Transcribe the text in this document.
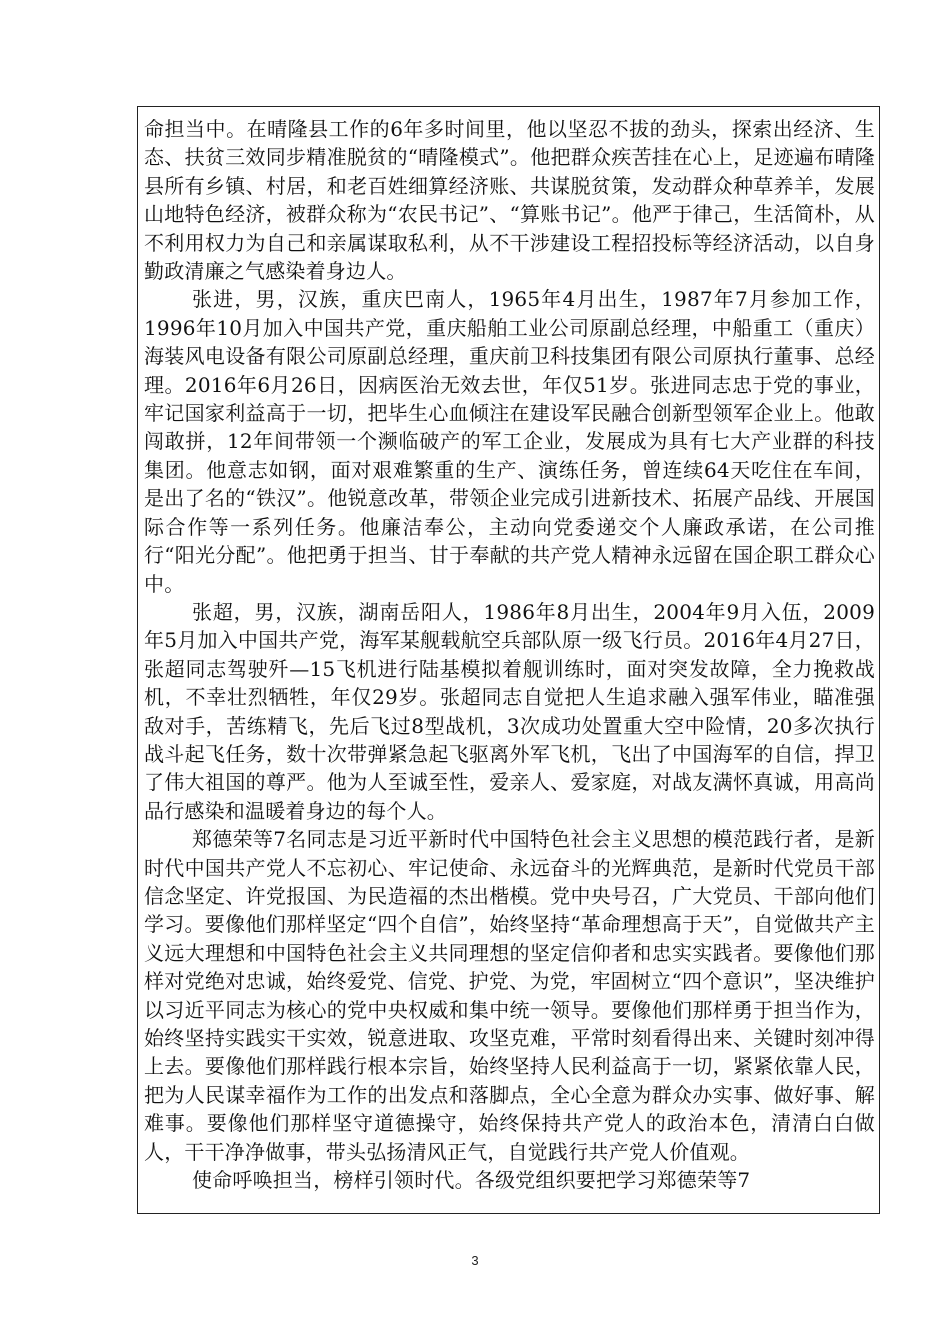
命担当中。在晴隆县工作的6年多时间里，他以坚忍不拔的劲头，探索出经济、生态、扶贫三效同步精准脱贫的“晴隆模式”。他把群众疾苦挂在心上，足迹遍布晴隆县所有乡镇、村居，和老百姓细算经济账、共谋脱贫策，发动群众种草养羊，发展山地特色经济，被群众称为“农民书记”、“算账书记”。他严于律己，生活简朴，从不利用权力为自己和亲属谋取私利，从不干涉建设工程招投标等经济活动，以自身勤政清廉之气感染着身边人。

张进，男，汉族，重庆巴南人，1965年4月出生，1987年7月参加工作，1996年10月加入中国共产党，重庆船舶工业公司原副总经理，中船重工（重庆）海装风电设备有限公司原副总经理，重庆前卫科技集团有限公司原执行董事、总经理。2016年6月26日，因病医治无效去世，年仅51岁。张进同志忠于党的事业，牢记国家利益高于一切，把毕生心血倾注在建设军民融合创新型领军企业上。他敢闯敢拼，12年间带领一个濒临破产的军工企业，发展成为具有七大产业群的科技集团。他意志如钢，面对艰难繁重的生产、演练任务，曾连续64天吃住在车间，是出了名的“铁汉”。他锐意改革，带领企业完成引进新技术、拓展产品线、开展国际合作等一系列任务。他廉洁奉公，主动向党委递交个人廉政承诺，在公司推行“阳光分配”。他把勇于担当、甘于奉献的共产党人精神永远留在国企职工群众心中。

张超，男，汉族，湖南岳阳人，1986年8月出生，2004年9月入伍，2009年5月加入中国共产党，海军某舰载航空兵部队原一级飞行员。2016年4月27日，张超同志驾驶歼—15飞机进行陆基模拟着舰训练时，面对突发故障，全力挽救战机，不幸壮烈牺牲，年仅29岁。张超同志自觉把人生追求融入强军伟业，瞄准强敌对手，苦练精飞，先后飞过8型战机，3次成功处置重大空中险情，20多次执行战斗起飞任务，数十次带弹紧急起飞驱离外军飞机，飞出了中国海军的自信，捍卫了伟大祖国的尊严。他为人至诚至性，爱亲人、爱家庭，对战友满怀真诚，用高尚品行感染和温暖着身边的每个人。

郑德荣等7名同志是习近平新时代中国特色社会主义思想的模范践行者，是新时代中国共产党人不忘初心、牢记使命、永远奋斗的光辉典范，是新时代党员干部信念坚定、许党报国、为民造福的杰出楷模。党中央号召，广大党员、干部向他们学习。要像他们那样坚定“四个自信”，始终坚持“革命理想高于天”，自觉做共产主义远大理想和中国特色社会主义共同理想的坚定信仰者和忠实实践者。要像他们那样对党绝对忠诚，始终爱党、信党、护党、为党，牢固树立“四个意识”，坚决维护以习近平同志为核心的党中央权威和集中统一领导。要像他们那样勇于担当作为，始终坚持实践实干实效，锐意进取、攻坚克难，平常时刻看得出来、关键时刻冲得上去。要像他们那样践行根本宗旨，始终坚持人民利益高于一切，紧紧依靠人民，把为人民谋幸福作为工作的出发点和落脚点，全心全意为群众办实事、做好事、解难事。要像他们那样坚守道德操守，始终保持共产党人的政治本色，清清白白做人，干干净净做事，带头弘扬清风正气，自觉践行共产党人价值观。

使命呼唤担当，榜样引领时代。各级党组织要把学习郑德荣等7

3
